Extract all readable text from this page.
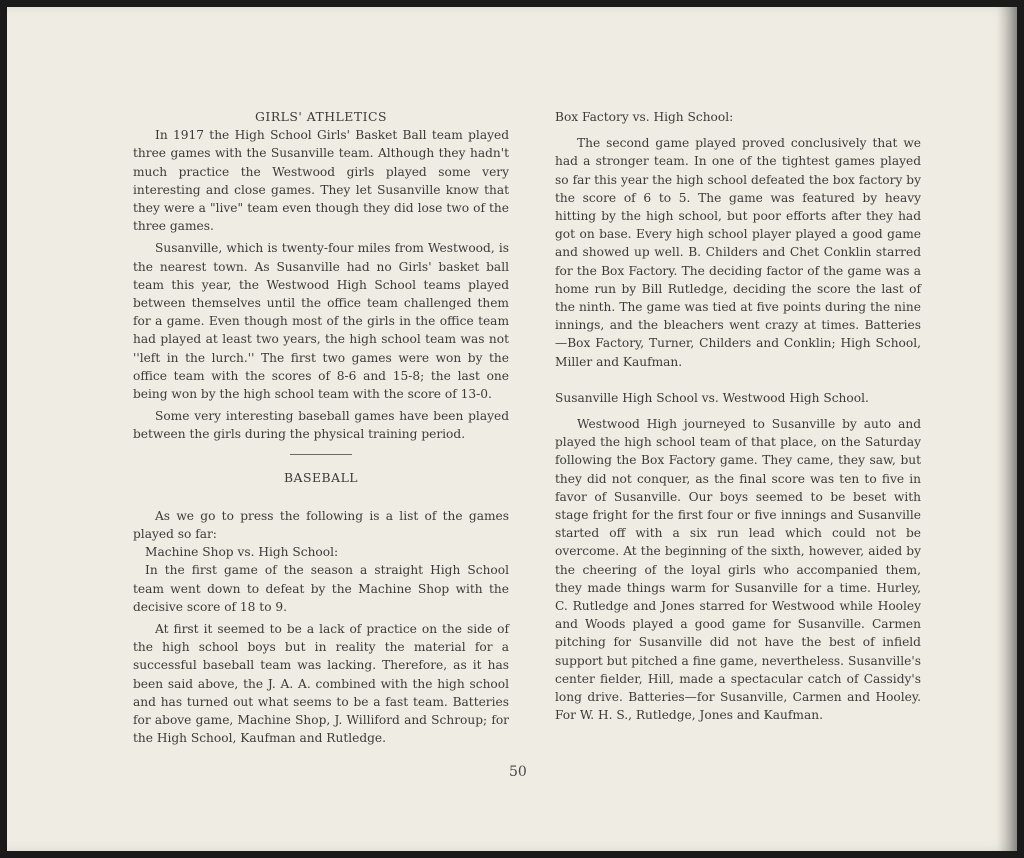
GIRLS' ATHLETICS

In 1917 the High School Girls' Basket Ball team played three games with the Susanville team. Although they hadn't much practice the Westwood girls played some very interesting and close games. They let Susanville know that they were a "live" team even though they did lose two of the three games.

Susanville, which is twenty-four miles from Westwood, is the nearest town. As Susanville had no Girls' basket ball team this year, the Westwood High School teams played between themselves until the office team challenged them for a game. Even though most of the girls in the office team had played at least two years, the high school team was not ''left in the lurch.'' The first two games were won by the office team with the scores of 8-6 and 15-8; the last one being won by the high school team with the score of 13-0.

Some very interesting baseball games have been played between the girls during the physical training period.

BASEBALL

As we go to press the following is a list of the games played so far:

Machine Shop vs. High School:

In the first game of the season a straight High School team went down to defeat by the Machine Shop with the decisive score of 18 to 9.

At first it seemed to be a lack of practice on the side of the high school boys but in reality the material for a successful baseball team was lacking. Therefore, as it has been said above, the J. A. A. combined with the high school and has turned out what seems to be a fast team. Batteries for above game, Machine Shop, J. Williford and Schroup; for the High School, Kaufman and Rutledge.

Box Factory vs. High School:

The second game played proved conclusively that we had a stronger team. In one of the tightest games played so far this year the high school defeated the box factory by the score of 6 to 5. The game was featured by heavy hitting by the high school, but poor efforts after they had got on base. Every high school player played a good game and showed up well. B. Childers and Chet Conklin starred for the Box Factory. The deciding factor of the game was a home run by Bill Rutledge, deciding the score the last of the ninth. The game was tied at five points during the nine innings, and the bleachers went crazy at times. Batteries —Box Factory, Turner, Childers and Conklin; High School, Miller and Kaufman.

Susanville High School vs. Westwood High School.

Westwood High journeyed to Susanville by auto and played the high school team of that place, on the Saturday following the Box Factory game. They came, they saw, but they did not conquer, as the final score was ten to five in favor of Susanville. Our boys seemed to be beset with stage fright for the first four or five innings and Susanville started off with a six run lead which could not be overcome. At the beginning of the sixth, however, aided by the cheering of the loyal girls who accompanied them, they made things warm for Susanville for a time. Hurley, C. Rutledge and Jones starred for Westwood while Hooley and Woods played a good game for Susanville. Carmen pitching for Susanville did not have the best of infield support but pitched a fine game, nevertheless. Susanville's center fielder, Hill, made a spectacular catch of Cassidy's long drive. Batteries—for Susanville, Carmen and Hooley. For W. H. S., Rutledge, Jones and Kaufman.

50
